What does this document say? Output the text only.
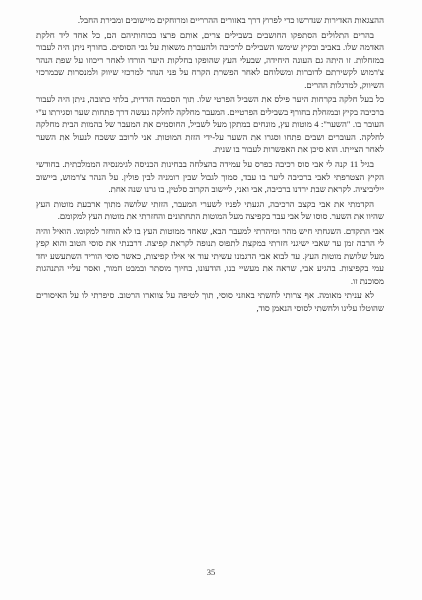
ההצגאות האדירות שנדרשו כדי לפרוץ דרך באזורים ההרריים ומרוחקים מיישובים ומבירת החבל.

בהרים התלולים הסתפקו החושבים בשבילים צרים, אותם פרצו בכוחותיהם הם, כל אחד ליד חלקת האדמה שלו. באביב ובקיץ שימשו השבילים לרכיבה ולהעברת משאות על גבי הסוסים. בחורף ניתן היה לעבור במזחלות. זו היתה גם העונה היחידה, שבעלי העץ שהופקו בחלקות היער הורדו לאחר ריכוזו על שפת הנהר צ'רמוש לקשירתם לדוברות ומשלוחם לאחר הפשרת הקרח על פני הנהר למרכזי שיווק ולמנסרות שבמרכזי השיווק, למרגלות ההרים.

כל בעל חלקה בקרחות היער פילס את השביל הפרטי שלו. תוך הסכמה הדדית, בלתי כתובה, ניתן היה לעבור ברכיבה בקיץ ובמזחלת בחורף בשבילים הפרטיים. המעבר מחלקה לחלקה נעשה דרך פתחות שער וסגירתו ע"י העובר בו. "השער": 4 מוטות עץ, מונחים במתקן מעל לשביל, החוסמים את המעבר של בהמות הבית מחלקה לחלקה. העוברים ושבים פתחו וסגרו את השער על-ידי הזזת המוטות. אני לרוכב ששכח לנעול את השער לאחר הצייתו. הוא סיכן את האפשרות לעבור בו שנית.

בגיל 11 קנה לי אבי סוס רכיבה כפרס על עמידה בהצלחה בבחינות הכניסה לגימנסיה הממלכתית. בחודשי הקיץ הצטרפתי לאבי ברכיבה ליער בו עבד, סמוך לגבול שבין רומניה לבין פולין. על הנהר צ'רמוש, ביישוב ייליביציה. לקראת שבת ירדנו ברכיבה, אבי ואני, ליישוב הקרוב סלטין, בו גרנו שנה אחת.

הקדמתי את אבי בקצב הרכיבה, הגעתי לפניו לשערי המעבר, הזזתי שלושה מתוך ארבעת מוטות העץ שהיוו את השער. סוסו של אבי עבר בקפיצה מעל המוטות התחתונים והחזרתי את מוטות העץ למקומם.

אבי התקדם. השגחתי חיש מהר ומיהרתי למעבר הבא, שאחד ממוטות העץ בו לא הוחזר למקומו. הואיל והיה לי הרבה זמן עד שאבי ישיגני חזרתי במקצת לתפוס תנופה לקראת קפיצה. דרבנתי את סוסי הטוב והוא קפץ מעל שלושת מוטות העץ. עד לבוא אבי הדגמנו עשיתי עוד אי אילו קפיצות, כאשר סוסי הוריד השתעשע יחד עמי בקפיצות. בהגיע אבי, שראה את מעשיי בנו, הודעונו, בחיוך מוסתר ובמבט חמור, ואסר עליי התנהגות מסוכנת זו.

לא עניתי מאומה. אף צרותי לחשתי באוזני סוסי, תוך לטיפה על צווארו הרטוב. סיפרתי לו על האיסורים שהוטלו עלינו ולחשתי לסוסי הנאמן סוד,

35
